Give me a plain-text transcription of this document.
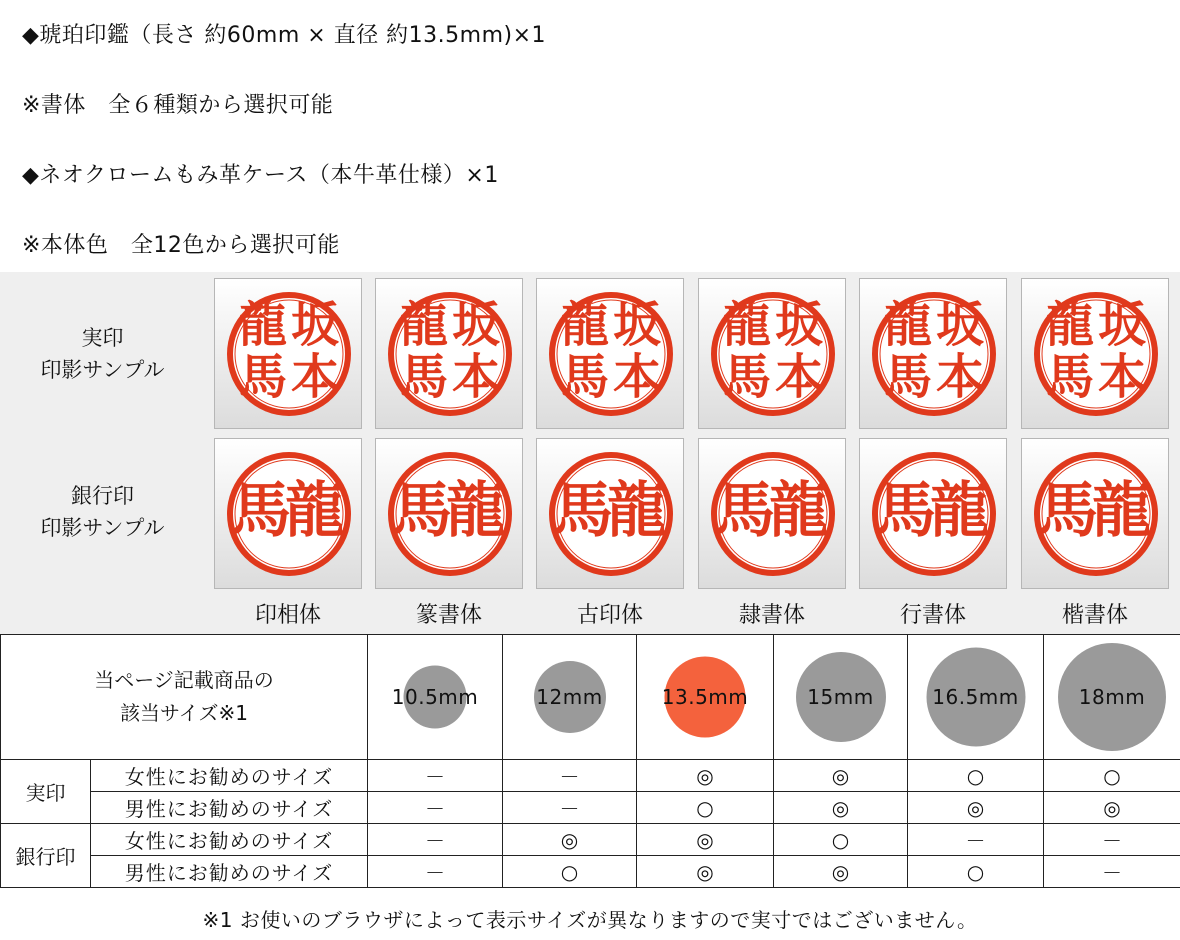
◆琥珀印鑑（長さ 約60mm × 直径 約13.5mm)×1
※書体　全６種類から選択可能
◆ネオクロームもみ革ケース（本牛革仕様）×1
※本体色　全12色から選択可能
実印
印影サンプル
銀行印
印影サンプル
坂
本
龍
馬
龍
馬
坂
本
龍
馬
龍
馬
坂
本
龍
馬
龍
馬
坂
本
龍
馬
龍
馬
坂
本
龍
馬
龍
馬
坂
本
龍
馬
龍
馬
印相体	篆書体	古印体	隷書体	行書体	楷書体
当ページ記載商品の
該当サイズ※1		10.5mm	12mm	13.5mm	15mm	16.5mm	18mm

実印	女性にお勧めのサイズ	－	－	◎	◎	○	○
	男性にお勧めのサイズ	－	－	○	◎	◎	◎
銀行印	女性にお勧めのサイズ	－	◎	◎	○	－	－
	男性にお勧めのサイズ	－	○	◎	◎	○	－
※1 お使いのブラウザによって表示サイズが異なりますので実寸ではございません。
